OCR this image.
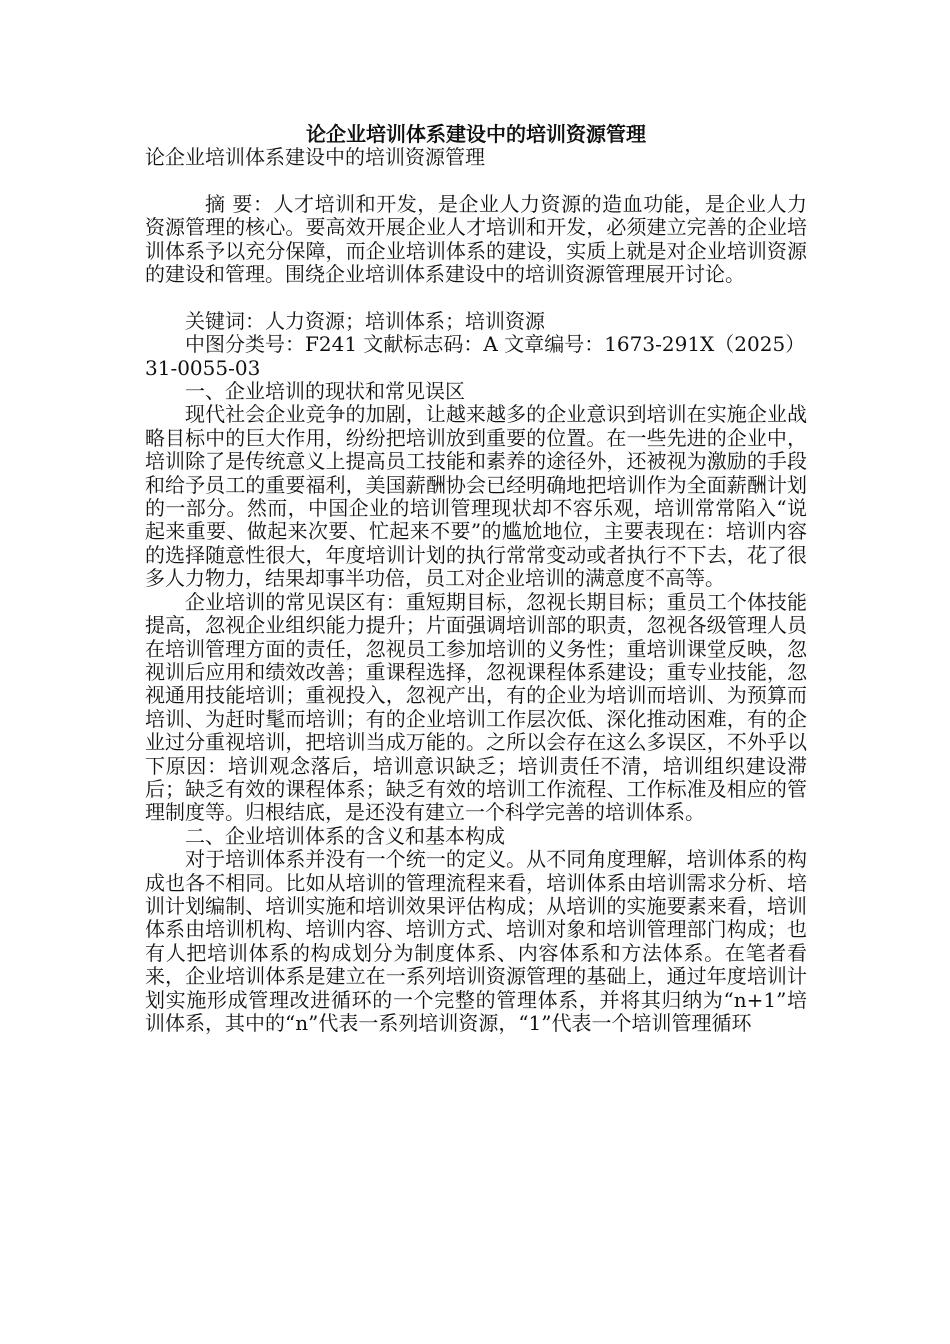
论企业培训体系建设中的培训资源管理

论企业培训体系建设中的培训资源管理

摘 要：人才培训和开发，是企业人力资源的造血功能，是企业人力资源管理的核心。要高效开展企业人才培训和开发，必须建立完善的企业培训体系予以充分保障，而企业培训体系的建设，实质上就是对企业培训资源的建设和管理。围绕企业培训体系建设中的培训资源管理展开讨论。

关键词：人力资源；培训体系；培训资源

中图分类号：F241 文献标志码：A 文章编号：1673-291X（2025）31-0055-03

一、企业培训的现状和常见误区

现代社会企业竞争的加剧，让越来越多的企业意识到培训在实施企业战略目标中的巨大作用，纷纷把培训放到重要的位置。在一些先进的企业中，培训除了是传统意义上提高员工技能和素养的途径外，还被视为激励的手段和给予员工的重要福利，美国薪酬协会已经明确地把培训作为全面薪酬计划的一部分。然而，中国企业的培训管理现状却不容乐观，培训常常陷入“说起来重要、做起来次要、忙起来不要”的尴尬地位，主要表现在：培训内容的选择随意性很大，年度培训计划的执行常常变动或者执行不下去，花了很多人力物力，结果却事半功倍，员工对企业培训的满意度不高等。

企业培训的常见误区有：重短期目标，忽视长期目标；重员工个体技能提高，忽视企业组织能力提升；片面强调培训部的职责，忽视各级管理人员在培训管理方面的责任，忽视员工参加培训的义务性；重培训课堂反映，忽视训后应用和绩效改善；重课程选择，忽视课程体系建设；重专业技能，忽视通用技能培训；重视投入，忽视产出，有的企业为培训而培训、为预算而培训、为赶时髦而培训；有的企业培训工作层次低、深化推动困难，有的企业过分重视培训，把培训当成万能的。之所以会存在这么多误区，不外乎以下原因：培训观念落后，培训意识缺乏；培训责任不清，培训组织建设滞后；缺乏有效的课程体系；缺乏有效的培训工作流程、工作标准及相应的管理制度等。归根结底，是还没有建立一个科学完善的培训体系。

二、企业培训体系的含义和基本构成

对于培训体系并没有一个统一的定义。从不同角度理解，培训体系的构成也各不相同。比如从培训的管理流程来看，培训体系由培训需求分析、培训计划编制、培训实施和培训效果评估构成；从培训的实施要素来看，培训体系由培训机构、培训内容、培训方式、培训对象和培训管理部门构成；也有人把培训体系的构成划分为制度体系、内容体系和方法体系。在笔者看来，企业培训体系是建立在一系列培训资源管理的基础上，通过年度培训计划实施形成管理改进循环的一个完整的管理体系，并将其归纳为“n+1”培训体系，其中的“n”代表一系列培训资源，“1”代表一个培训管理循环
